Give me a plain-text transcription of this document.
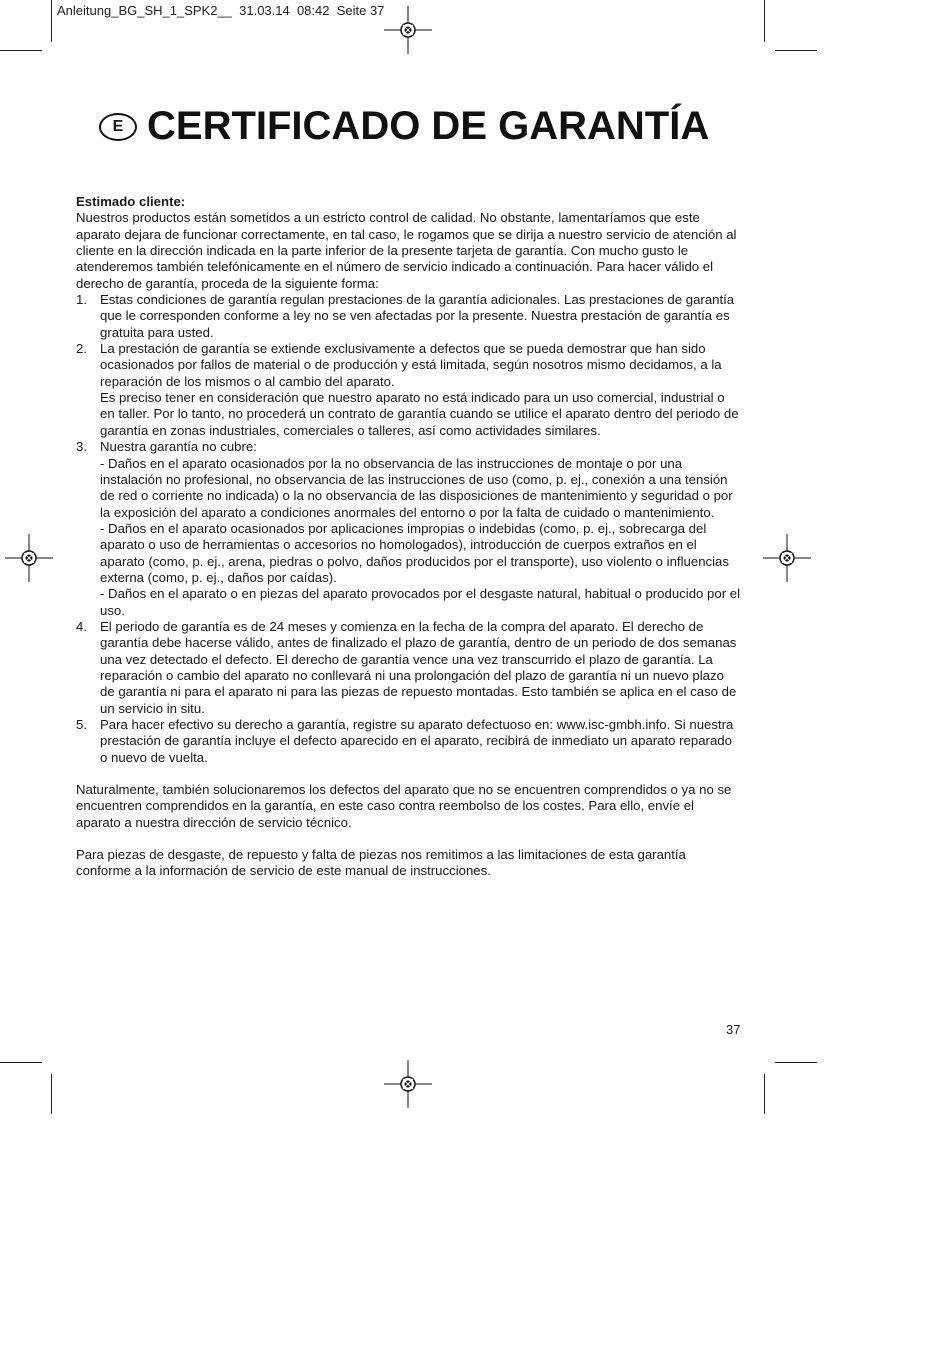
Anleitung_BG_SH_1_SPK2__  31.03.14  08:42  Seite 37
E CERTIFICADO DE GARANTÍA

Estimado cliente:

Nuestros productos están sometidos a un estricto control de calidad. No obstante, lamentaríamos que este aparato dejara de funcionar correctamente, en tal caso, le rogamos que se dirija a nuestro servicio de atención al cliente en la dirección indicada en la parte inferior de la presente tarjeta de garantía. Con mucho gusto le atenderemos también telefónicamente en el número de servicio indicado a continuación. Para hacer válido el derecho de garantía, proceda de la siguiente forma:

1. Estas condiciones de garantía regulan prestaciones de la garantía adicionales. Las prestaciones de garantía que le corresponden conforme a ley no se ven afectadas por la presente. Nuestra prestación de garantía es gratuita para usted.

2. La prestación de garantía se extiende exclusivamente a defectos que se pueda demostrar que han sido ocasionados por fallos de material o de producción y está limitada, según nosotros mismo decidamos, a la reparación de los mismos o al cambio del aparato.

Es preciso tener en consideración que nuestro aparato no está indicado para un uso comercial, industrial o en taller. Por lo tanto, no procederá un contrato de garantía cuando se utilice el aparato dentro del periodo de garantía en zonas industriales, comerciales o talleres, así como actividades similares.

3. Nuestra garantía no cubre:

- Daños en el aparato ocasionados por la no observancia de las instrucciones de montaje o por una instalación no profesional, no observancia de las instrucciones de uso (como, p. ej., conexión a una tensión de red o corriente no indicada) o la no observancia de las disposiciones de mantenimiento y seguridad o por la exposición del aparato a condiciones anormales del entorno o por la falta de cuidado o mantenimiento.

- Daños en el aparato ocasionados por aplicaciones impropias o indebidas (como, p. ej., sobrecarga del aparato o uso de herramientas o accesorios no homologados), introducción de cuerpos extraños en el aparato (como, p. ej., arena, piedras o polvo, daños producidos por el transporte), uso violento o influencias externa (como, p. ej., daños por caídas).

- Daños en el aparato o en piezas del aparato provocados por el desgaste natural, habitual o producido por el uso.

4. El periodo de garantía es de 24 meses y comienza en la fecha de la compra del aparato. El derecho de garantía debe hacerse válido, antes de finalizado el plazo de garantía, dentro de un periodo de dos semanas una vez detectado el defecto. El derecho de garantía vence una vez transcurrido el plazo de garantía. La reparación o cambio del aparato no conllevará ni una prolongación del plazo de garantía ni un nuevo plazo de garantía ni para el aparato ni para las piezas de repuesto montadas. Esto también se aplica en el caso de un servicio in situ.

5. Para hacer efectivo su derecho a garantía, registre su aparato defectuoso en: www.isc-gmbh.info. Si nuestra prestación de garantía incluye el defecto aparecido en el aparato, recibirá de inmediato un aparato reparado o nuevo de vuelta.

Naturalmente, también solucionaremos los defectos del aparato que no se encuentren comprendidos o ya no se encuentren comprendidos en la garantía, en este caso contra reembolso de los costes. Para ello, envíe el aparato a nuestra dirección de servicio técnico.

Para piezas de desgaste, de repuesto y falta de piezas nos remitimos a las limitaciones de esta garantía conforme a la información de servicio de este manual de instrucciones.

37
